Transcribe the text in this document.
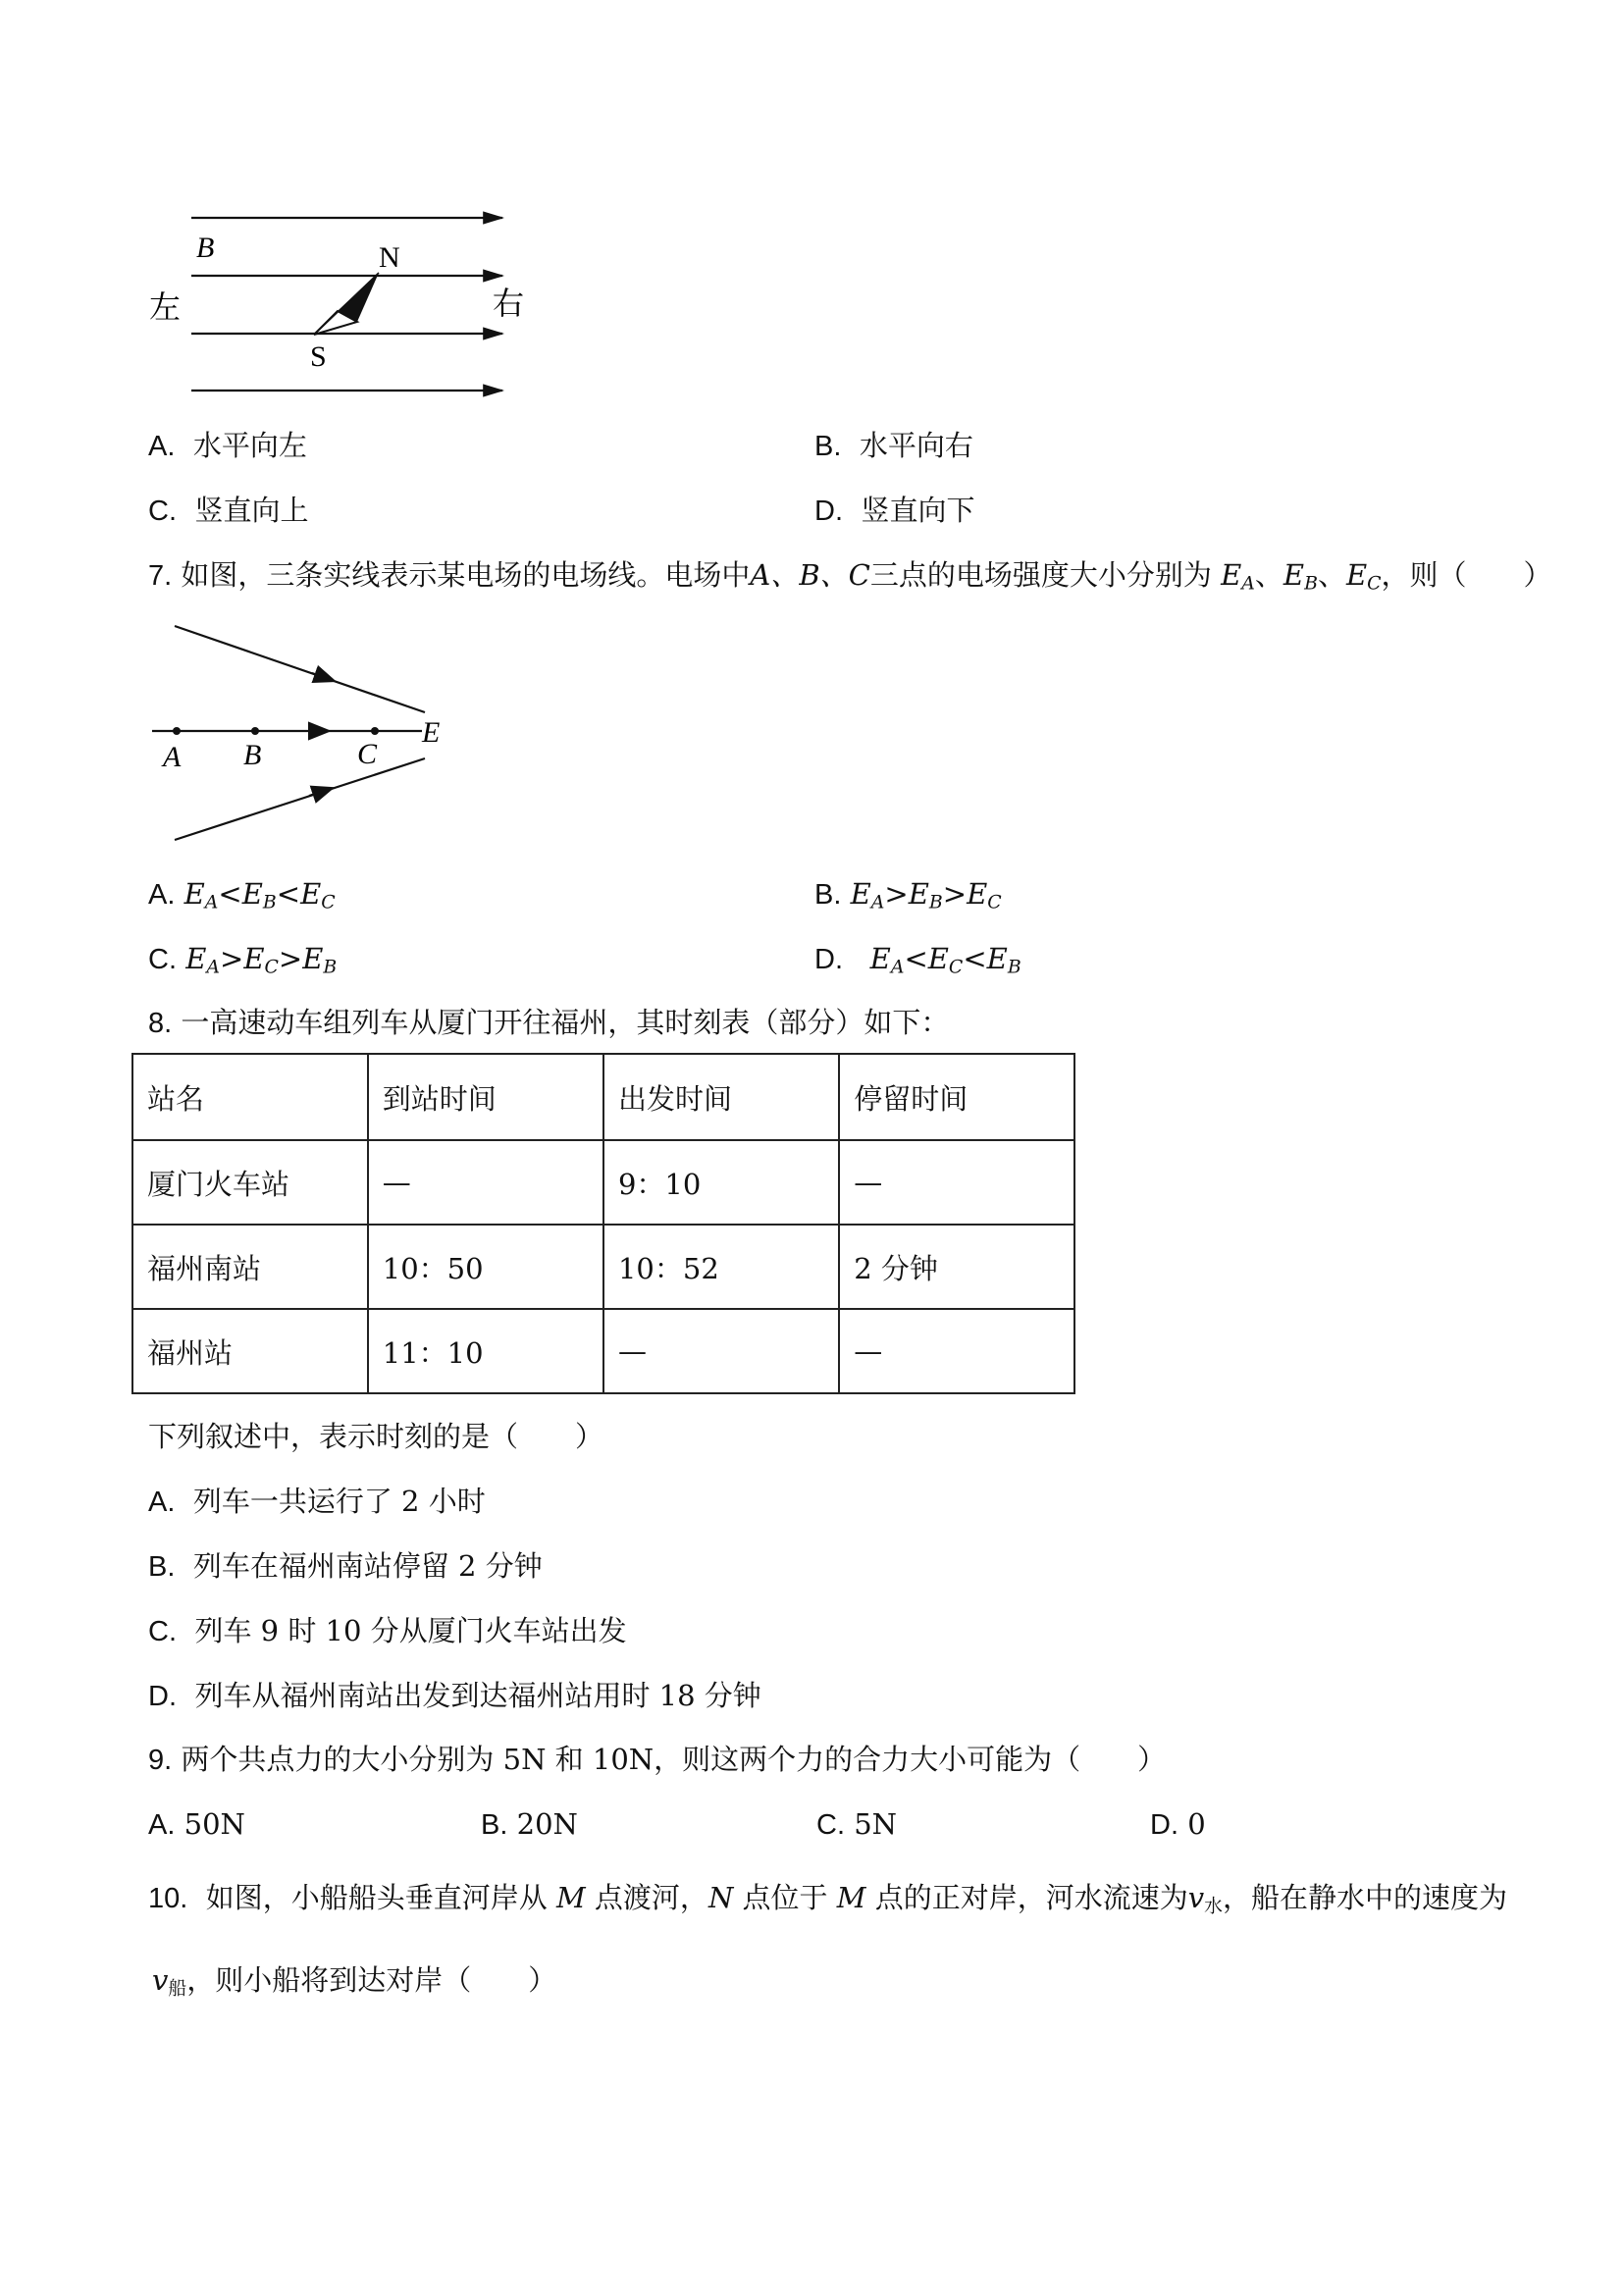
B	N
S
左	右
A. 水平向左	B. 水平向右
C. 竖直向上	D. 竖直向下
7. 如图，三条实线表示某电场的电场线。电场中A、B、C三点的电场强度大小分别为 $E_A$、$E_B$、$E_C$，则（　　）
A B	C
E
A. $E_A<E_B<E_C$	B. $E_A>E_B>E_C$
C. $E_A>E_C>E_B$	D. $E_A<E_C<E_B$
8. 一高速动车组列车从厦门开往福州，其时刻表（部分）如下：
站名	到站时间	出发时间	停留时间
厦门火车站	—	9：10	—
福州南站	10：50	10：52	2 分钟
福州站	11：10	—	—
下列叙述中，表示时刻的是（　　）
A. 列车一共运行了 2 小时
B. 列车在福州南站停留 2 分钟
C. 列车 9 时 10 分从厦门火车站出发
D. 列车从福州南站出发到达福州站用时 18 分钟
9. 两个共点力的大小分别为 5N 和 10N，则这两个力的合力大小可能为（　　）
A. 50N	B. 20N	C. 5N	D. 0
10. 如图，小船船头垂直河岸从 M 点渡河，N 点位于 M 点的正对岸，河水流速为$v_水$，船在静水中的速度为
$v_船$，则小船将到达对岸（　　）
